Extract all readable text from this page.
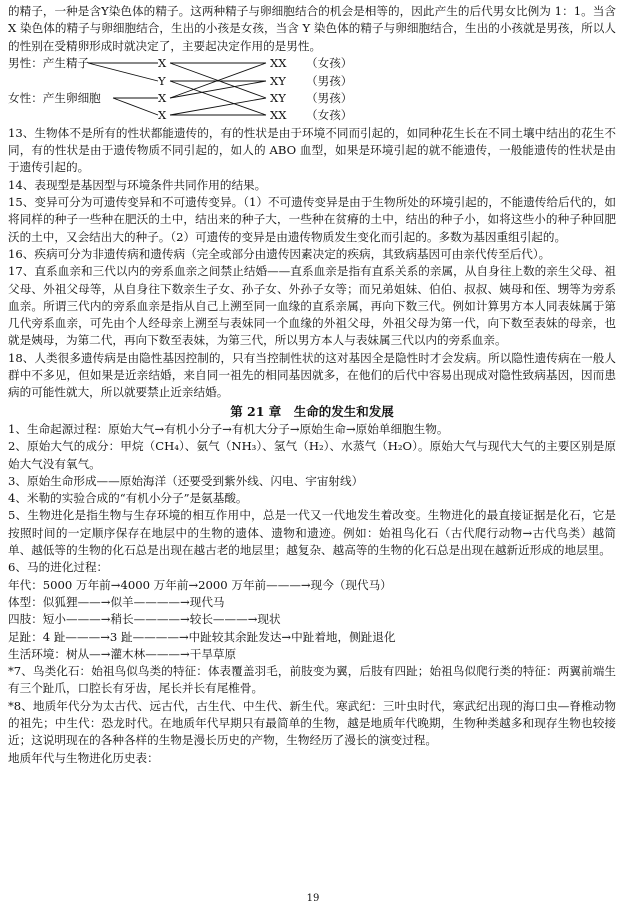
的精子，一种是含Y染色体的精子。这两种精子与卵细胞结合的机会是相等的，因此产生的后代男女比例为 1：1。当含 X 染色体的精子与卵细胞结合，生出的小孩是女孩，当含 Y 染色体的精子与卵细胞结合，生出的小孩就是男孩，所以人的性别在受精卵形成时就决定了，主要起决定作用的是男性。

男性：产生精子
女性：产生卵细胞
X
Y
X
X
XX
XY
XY
XX
（女孩）
（男孩）
（男孩）
（女孩）

13、生物体不是所有的性状都能遗传的，有的性状是由于环境不同而引起的，如同种花生长在不同土壤中结出的花生不同，有的性状是由于遗传物质不同引起的，如人的 ABO 血型，如果是环境引起的就不能遗传，一般能遗传的性状是由于遗传引起的。

14、表现型是基因型与环境条件共同作用的结果。

15、变异可分为可遗传变异和不可遗传变异。（1）不可遗传变异是由于生物所处的环境引起的，不能遗传给后代的，如将同样的种子一些种在肥沃的土中，结出来的种子大，一些种在贫瘠的土中，结出的种子小，如将这些小的种子种回肥沃的土中，又会结出大的种子。（2）可遗传的变异是由遗传物质发生变化而引起的。多数为基因重组引起的。

16、疾病可分为非遗传病和遗传病（完全或部分由遗传因素决定的疾病，其致病基因可由亲代传至后代）。

17、直系血亲和三代以内的旁系血亲之间禁止结婚——直系血亲是指有直系关系的亲属，从自身往上数的亲生父母、祖父母、外祖父母等，从自身往下数亲生子女、孙子女、外孙子女等；而兄弟姐妹、伯伯、叔叔、姨母和侄、甥等为旁系血亲。所谓三代内的旁系血亲是指从自己上溯至同一血缘的直系亲属，再向下数三代。例如计算男方本人同表妹属于第几代旁系血亲，可先由个人经母亲上溯至与表妹同一个血缘的外祖父母，外祖父母为第一代，向下数至表妹的母亲，也就是姨母，为第二代，再向下数至表妹，为第三代，所以男方本人与表妹属三代以内的旁系血亲。

18、人类很多遗传病是由隐性基因控制的，只有当控制性状的这对基因全是隐性时才会发病。所以隐性遗传病在一般人群中不多见，但如果是近亲结婚，来自同一祖先的相同基因就多，在他们的后代中容易出现成对隐性致病基因，因而患病的可能性就大，所以就要禁止近亲结婚。

第 21 章　生命的发生和发展

1、生命起源过程：原始大气→有机小分子→有机大分子→原始生命→原始单细胞生物。

2、原始大气的成分：甲烷（CH₄）、氨气（NH₃）、氢气（H₂）、水蒸气（H₂O）。原始大气与现代大气的主要区别是原始大气没有氧气。

3、原始生命形成——原始海洋（还要受到紫外线、闪电、宇宙射线）

4、米勒的实验合成的“有机小分子”是氨基酸。

5、生物进化是指生物与生存环境的相互作用中，总是一代又一代地发生着改变。生物进化的最直接证据是化石，它是按照时间的一定顺序保存在地层中的生物的遗体、遗物和遗迹。例如：始祖鸟化石（古代爬行动物→古代鸟类）越简单、越低等的生物的化石总是出现在越古老的地层里；越复杂、越高等的生物的化石总是出现在越新近形成的地层里。

6、马的进化过程：

年代：5000 万年前→4000 万年前→2000 万年前———→现今（现代马）

体型：似狐狸——→似羊————→现代马

四肢：短小———→稍长————→较长———→现状

足趾：4 趾———→3 趾————→中趾较其余趾发达→中趾着地，侧趾退化

生活环境：树从—→灌木林———→干旱草原

*7、鸟类化石：始祖鸟似鸟类的特征：体表覆盖羽毛，前肢变为翼，后肢有四趾；始祖鸟似爬行类的特征：两翼前端生有三个趾爪，口腔长有牙齿，尾长并长有尾椎骨。

*8、地质年代分为太古代、远古代，古生代、中生代、新生代。寒武纪：三叶虫时代，寒武纪出现的海口虫—脊椎动物的祖先；中生代：恐龙时代。在地质年代早期只有最简单的生物，越是地质年代晚期，生物种类越多和现存生物也较接近；这说明现在的各种各样的生物是漫长历史的产物，生物经历了漫长的演变过程。

地质年代与生物进化历史表：

19
